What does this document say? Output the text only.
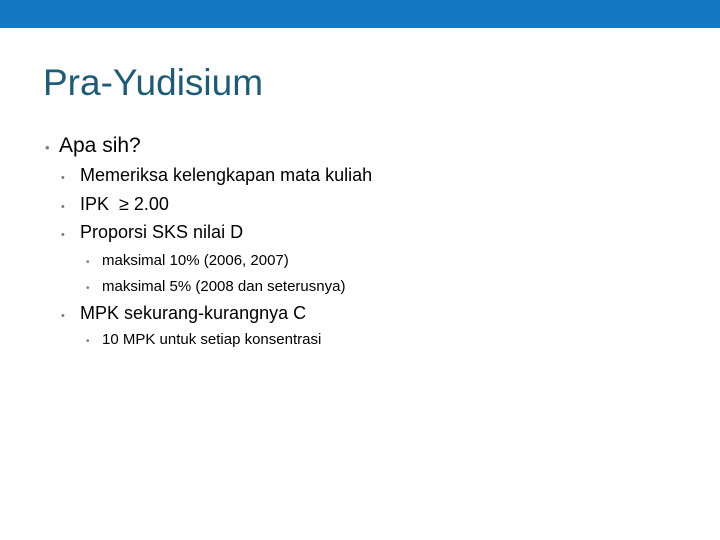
Pra-Yudisium
• Apa sih?
• Memeriksa kelengkapan mata kuliah
• IPK  ≥ 2.00
• Proporsi SKS nilai D
• maksimal 10% (2006, 2007)
• maksimal 5% (2008 dan seterusnya)
• MPK sekurang-kurangnya C
• 10 MPK untuk setiap konsentrasi
